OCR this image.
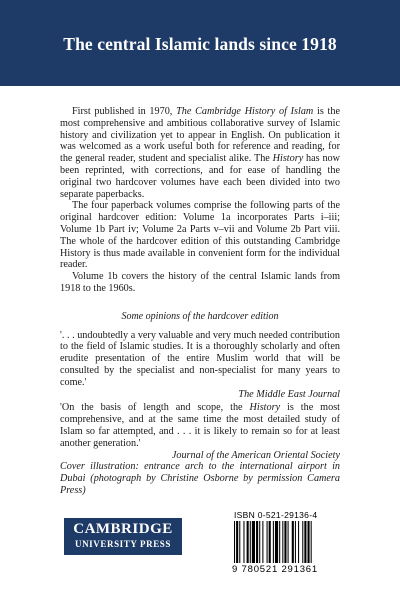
The central Islamic lands since 1918

First published in 1970, The Cambridge History of Islam is the most comprehensive and ambitious collaborative survey of Islamic history and civilization yet to appear in English. On publication it was welcomed as a work useful both for reference and reading, for the general reader, student and specialist alike. The History has now been reprinted, with corrections, and for ease of handling the original two hardcover volumes have each been divided into two separate paperbacks.

The four paperback volumes comprise the following parts of the original hardcover edition: Volume 1a incorporates Parts i–iii; Volume 1b Part iv; Volume 2a Parts v–vii and Volume 2b Part viii. The whole of the hardcover edition of this outstanding Cambridge History is thus made available in convenient form for the individual reader.

Volume 1b covers the history of the central Islamic lands from 1918 to the 1960s.

Some opinions of the hardcover edition

'. . . undoubtedly a very valuable and very much needed contribution to the field of Islamic studies. It is a thoroughly scholarly and often erudite presentation of the entire Muslim world that will be consulted by the specialist and non-specialist for many years to come.'

The Middle East Journal

'On the basis of length and scope, the History is the most comprehensive, and at the same time the most detailed study of Islam so far attempted, and . . . it is likely to remain so for at least another generation.'

Journal of the American Oriental Society

Cover illustration: entrance arch to the international airport in Dubai (photograph by Christine Osborne by permission Camera Press)

CAMBRIDGE
UNIVERSITY PRESS
ISBN 0-521-29136-4
9 780521 291361
